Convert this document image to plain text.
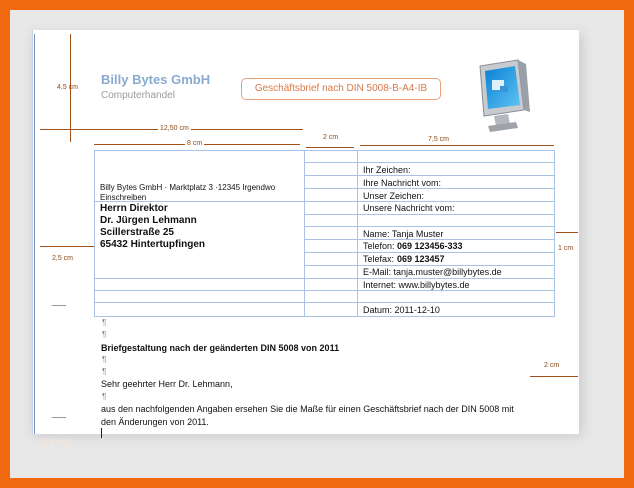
Billy Bytes GmbH
Computerhandel
Geschäftsbrief nach DIN 5008-B-A4-IB
4,5 cm
12,50 cm
8 cm
2 cm	7,5 cm
2,5 cm
1 cm
2 cm
Billy Bytes GmbH · Marktplatz 3 ·12345 Irgendwo
Einschreiben
Herrn Direktor
Dr. Jürgen Lehmann
Scillerstraße 25
65432 Hintertupfingen
Ihr Zeichen:
Ihre Nachricht vom:
Unser Zeichen:
Unsere Nachricht vom:
Name: Tanja Muster
Telefon: 069 123456-333
Telefax: 069 123457
E-Mail: tanja.muster@billybytes.de
Internet: www.billybytes.de
Datum: 2011-12-10
¶
¶
Briefgestaltung nach der geänderten DIN 5008 von 2011
¶
¶
Sehr geehrter Herr Dr. Lehmann,
¶
aus den nachfolgenden Angaben ersehen Sie die Maße für einen Geschäftsbrief nach der DIN 5008 mit
den Änderungen von 2011.
Vorlage
